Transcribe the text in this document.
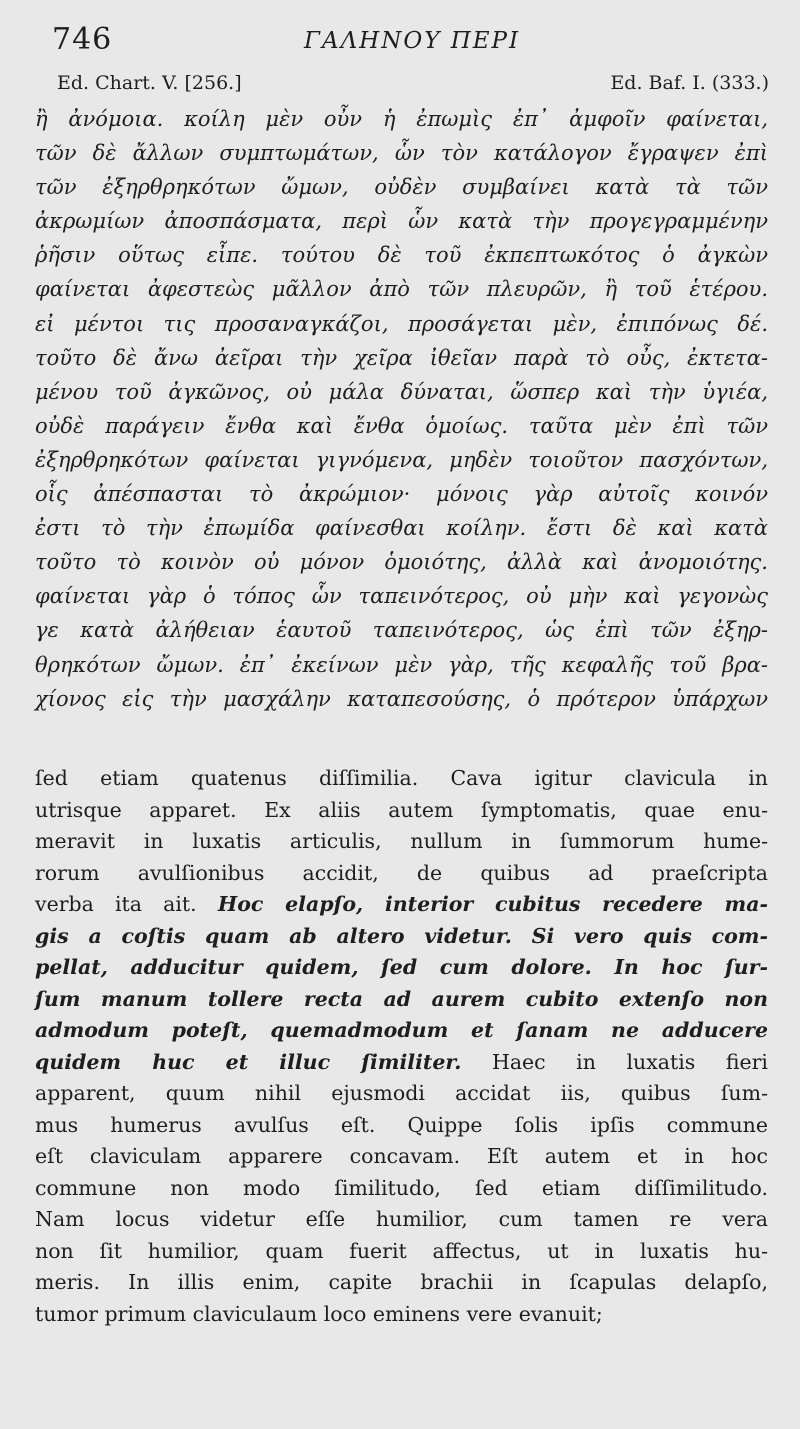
746	ΓΑΛΗΝΟΥ ΠΕΡΙ
Ed. Chart. V. [256.]	Ed. Baf. I. (333.)
ἢ ἀνόμοια. κοίλη μὲν οὖν ἡ ἐπωμὶς ἐπ᾽ ἀμφοῖν φαίνεται,
τῶν δὲ ἄλλων συμπτωμάτων, ὧν τὸν κατάλογον ἔγραψεν ἐπὶ
τῶν ἐξηρθρηκότων ὤμων, οὐδὲν συμβαίνει κατὰ τὰ τῶν
ἀκρωμίων ἀποσπάσματα, περὶ ὧν κατὰ τὴν προγεγραμμένην
ῥῆσιν οὕτως εἶπε. τούτου δὲ τοῦ ἐκπεπτωκότος ὁ ἀγκὼν
φαίνεται ἀφεστεὼς μᾶλλον ἀπὸ τῶν πλευρῶν, ἢ τοῦ ἑτέρου.
εἰ μέντοι τις προσαναγκάζοι, προσάγεται μὲν, ἐπιπόνως δέ.
τοῦτο δὲ ἄνω ἀεῖραι τὴν χεῖρα ἰθεῖαν παρὰ τὸ οὖς, ἐκτετα-
μένου τοῦ ἀγκῶνος, οὐ μάλα δύναται, ὥσπερ καὶ τὴν ὑγιέα,
οὐδὲ παράγειν ἔνθα καὶ ἔνθα ὁμοίως. ταῦτα μὲν ἐπὶ τῶν
ἐξηρθρηκότων φαίνεται γιγνόμενα, μηδὲν τοιοῦτον πασχόντων,
οἷς ἀπέσπασται τὸ ἀκρώμιον· μόνοις γὰρ αὐτοῖς κοινόν
ἐστι τὸ τὴν ἐπωμίδα φαίνεσθαι κοίλην. ἔστι δὲ καὶ κατὰ
τοῦτο τὸ κοινὸν οὐ μόνον ὁμοιότης, ἀλλὰ καὶ ἀνομοιότης.
φαίνεται γὰρ ὁ τόπος ὧν ταπεινότερος, οὐ μὴν καὶ γεγονὼς
γε κατὰ ἀλήθειαν ἑαυτοῦ ταπεινότερος, ὡς ἐπὶ τῶν ἐξηρ-
θρηκότων ὤμων. ἐπ᾽ ἐκείνων μὲν γὰρ, τῆς κεφαλῆς τοῦ βρα-
χίονος εἰς τὴν μασχάλην καταπεσούσης, ὁ πρότερον ὑπάρχων
ſed etiam quatenus diſſimilia. Cava igitur clavicula in
utrisque apparet. Ex aliis autem ſymptomatis, quae enu-
meravit in luxatis articulis, nullum in ſummorum hume-
rorum avulſionibus accidit, de quibus ad praeſcripta
verba ita ait. Hoc elapſo, interior cubitus recedere ma-
gis a coſtis quam ab altero videtur. Si vero quis com-
pellat, adducitur quidem, ſed cum dolore. In hoc ſur-
ſum manum tollere recta ad aurem cubito extenſo non
admodum poteſt, quemadmodum et ſanam ne adducere
quidem huc et illuc ſimiliter. Haec in luxatis fieri
apparent, quum nihil ejusmodi accidat iis, quibus ſum-
mus humerus avulſus eſt. Quippe ſolis ipſis commune
eſt claviculam apparere concavam. Eſt autem et in hoc
commune non modo ſimilitudo, ſed etiam diſſimilitudo.
Nam locus videtur eſſe humilior, cum tamen re vera
non ſit humilior, quam fuerit affectus, ut in luxatis hu-
meris. In illis enim, capite brachii in ſcapulas delapſo,
tumor primum claviculaum loco eminens vere evanuit;
